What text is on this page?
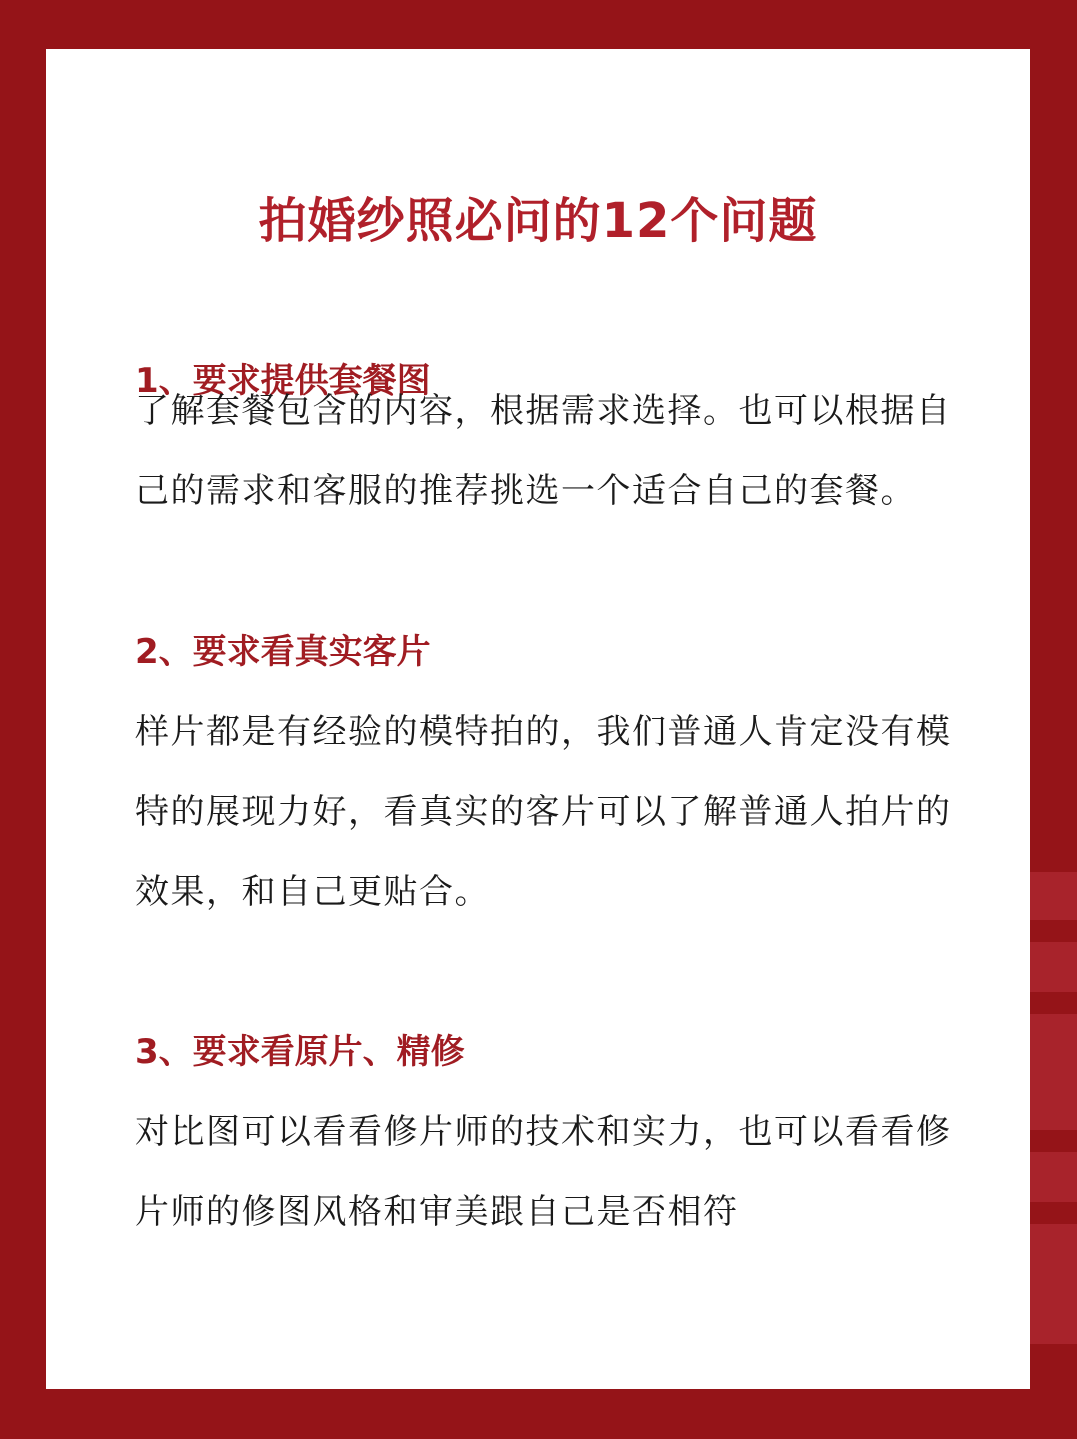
拍婚纱照必问的12个问题
1、要求提供套餐图
了解套餐包含的内容，根据需求选择。也可以根据自己的需求和客服的推荐挑选一个适合自己的套餐。
2、要求看真实客片
样片都是有经验的模特拍的，我们普通人肯定没有模特的展现力好，看真实的客片可以了解普通人拍片的效果，和自己更贴合。
3、要求看原片、精修
对比图可以看看修片师的技术和实力，也可以看看修片师的修图风格和审美跟自己是否相符
